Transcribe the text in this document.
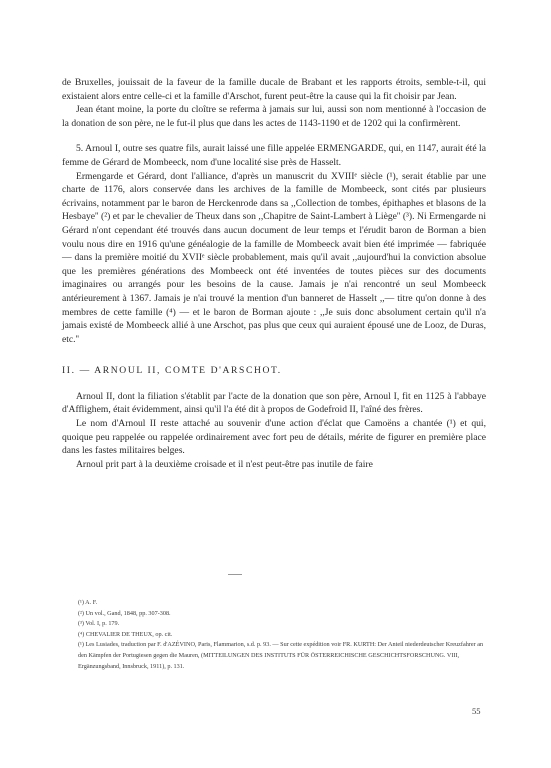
de Bruxelles, jouissait de la faveur de la famille ducale de Brabant et les rapports étroits, semble-t-il, qui existaient alors entre celle-ci et la famille d'Arschot, furent peut-être la cause qui la fit choisir par Jean.

Jean étant moine, la porte du cloître se referma à jamais sur lui, aussi son nom mentionné à l'occasion de la donation de son père, ne le fut-il plus que dans les actes de 1143-1190 et de 1202 qui la confirmèrent.

5. Arnoul I, outre ses quatre fils, aurait laissé une fille appelée ERMENGARDE, qui, en 1147, aurait été la femme de Gérard de Mombeeck, nom d'une localité sise près de Hasselt.

Ermengarde et Gérard, dont l'alliance, d'après un manuscrit du XVIIIᵉ siècle (¹), serait établie par une charte de 1176, alors conservée dans les archives de la famille de Mombeeck, sont cités par plusieurs écrivains, notamment par le baron de Herckenrode dans sa ,,Collection de tombes, épithaphes et blasons de la Hesbaye'' (²) et par le chevalier de Theux dans son ,,Chapitre de Saint-Lambert à Liège'' (³). Ni Ermengarde ni Gérard n'ont cependant été trouvés dans aucun document de leur temps et l'érudit baron de Borman a bien voulu nous dire en 1916 qu'une généalogie de la famille de Mombeeck avait bien été imprimée — fabriquée — dans la première moitié du XVIIᵉ siècle probablement, mais qu'il avait ,,aujourd'hui la conviction absolue que les premières générations des Mombeeck ont été inventées de toutes pièces sur des documents imaginaires ou arrangés pour les besoins de la cause. Jamais je n'ai rencontré un seul Mombeeck antérieurement à 1367. Jamais je n'ai trouvé la mention d'un banneret de Hasselt ,,— titre qu'on donne à des membres de cette famille (⁴) — et le baron de Borman ajoute : ,,Je suis donc absolument certain qu'il n'a jamais existé de Mombeeck allié à une Arschot, pas plus que ceux qui auraient épousé une de Looz, de Duras, etc.''

II. — ARNOUL II, COMTE D'ARSCHOT.

Arnoul II, dont la filiation s'établit par l'acte de la donation que son père, Arnoul I, fit en 1125 à l'abbaye d'Afflighem, était évidemment, ainsi qu'il l'a été dit à propos de Godefroid II, l'aîné des frères.

Le nom d'Arnoul II reste attaché au souvenir d'une action d'éclat que Camoëns a chantée (¹) et qui, quoique peu rappelée ou rappelée ordinairement avec fort peu de détails, mérite de figurer en première place dans les fastes militaires belges.

Arnoul prit part à la deuxième croisade et il n'est peut-être pas inutile de faire

(¹) A. F.
(²) Un vol., Gand, 1848, pp. 307-308.
(³) Vol. I, p. 179.
(⁴) CHEVALIER DE THEUX, op. cit.
(¹) Les Lusiades, traduction par F. d'AZÉVINO, Paris, Flammarion, s.d. p. 93. — Sur cette expédition voir FR. KURTH: Der Anteil niederdeutscher Kreuzfahrer an den Kämpfen der Portugiesen gegen die Mauren, (MITTEILUNGEN DES INSTITUTS FÜR ÖSTERREICHISCHE GESCHICHTSFORSCHUNG. VIII, Ergänzungsband, Innsbruck, 1911), p. 131.
55
